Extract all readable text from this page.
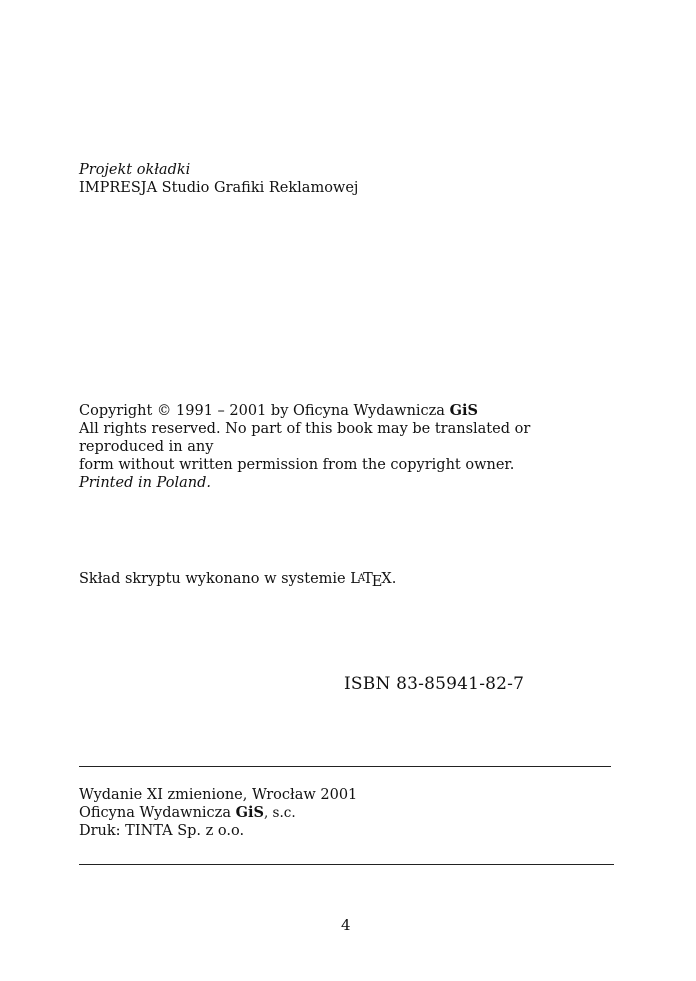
Projekt okładki
IMPRESJA Studio Grafiki Reklamowej
Copyright © 1991 – 2001 by Oficyna Wydawnicza GiS
All rights reserved. No part of this book may be translated or reproduced in any
form without written permission from the copyright owner.
Printed in Poland.
Skład skryptu wykonano w systemie LATEX.
ISBN 83-85941-82-7
Wydanie XI zmienione, Wrocław 2001
Oficyna Wydawnicza GiS, s.c.
Druk: TINTA Sp. z o.o.
4
